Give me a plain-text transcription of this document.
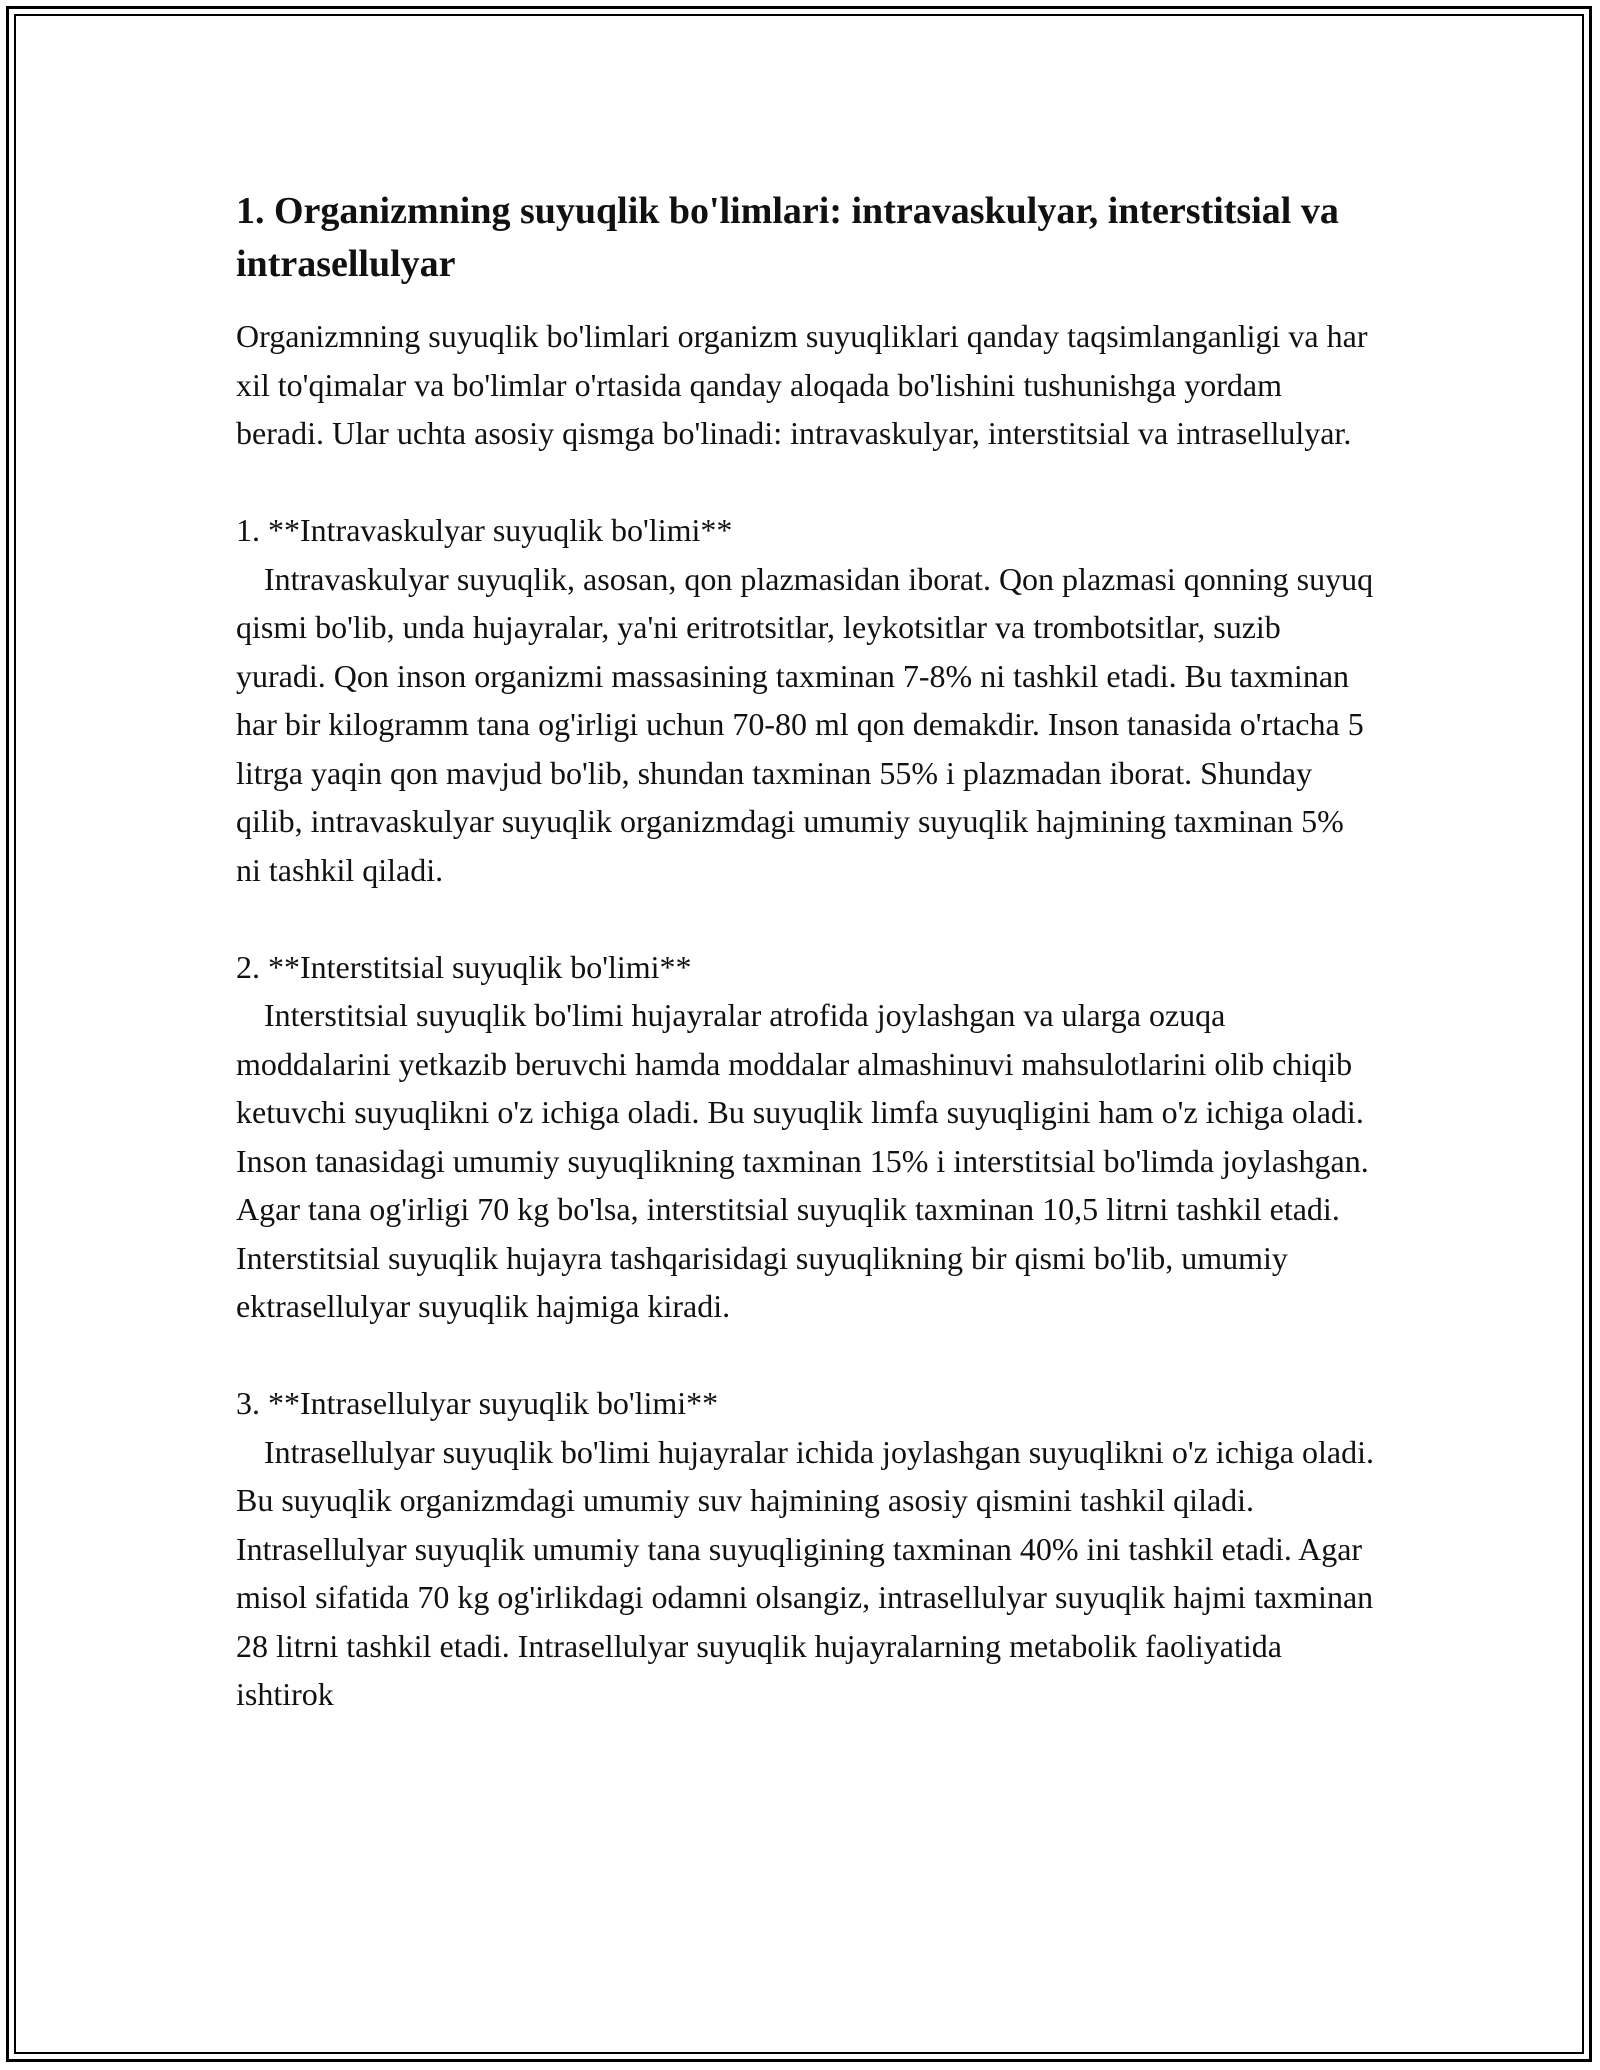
1. Organizmning suyuqlik bo'limlari: intravaskulyar, interstitsial va intrasellulyar

Organizmning suyuqlik bo'limlari organizm suyuqliklari qanday taqsimlanganligi va har xil to'qimalar va bo'limlar o'rtasida qanday aloqada bo'lishini tushunishga yordam beradi. Ular uchta asosiy qismga bo'linadi: intravaskulyar, interstitsial va intrasellulyar.

1. **Intravaskulyar suyuqlik bo'limi**

Intravaskulyar suyuqlik, asosan, qon plazmasidan iborat. Qon plazmasi qonning suyuq qismi bo'lib, unda hujayralar, ya'ni eritrotsitlar, leykotsitlar va trombotsitlar, suzib yuradi. Qon inson organizmi massasining taxminan 7-8% ni tashkil etadi. Bu taxminan har bir kilogramm tana og'irligi uchun 70-80 ml qon demakdir. Inson tanasida o'rtacha 5 litrga yaqin qon mavjud bo'lib, shundan taxminan 55% i plazmadan iborat. Shunday qilib, intravaskulyar suyuqlik organizmdagi umumiy suyuqlik hajmining taxminan 5% ni tashkil qiladi.

2. **Interstitsial suyuqlik bo'limi**

Interstitsial suyuqlik bo'limi hujayralar atrofida joylashgan va ularga ozuqa moddalarini yetkazib beruvchi hamda moddalar almashinuvi mahsulotlarini olib chiqib ketuvchi suyuqlikni o'z ichiga oladi. Bu suyuqlik limfa suyuqligini ham o'z ichiga oladi. Inson tanasidagi umumiy suyuqlikning taxminan 15% i interstitsial bo'limda joylashgan. Agar tana og'irligi 70 kg bo'lsa, interstitsial suyuqlik taxminan 10,5 litrni tashkil etadi. Interstitsial suyuqlik hujayra tashqarisidagi suyuqlikning bir qismi bo'lib, umumiy ektrasellulyar suyuqlik hajmiga kiradi.

3. **Intrasellulyar suyuqlik bo'limi**

Intrasellulyar suyuqlik bo'limi hujayralar ichida joylashgan suyuqlikni o'z ichiga oladi. Bu suyuqlik organizmdagi umumiy suv hajmining asosiy qismini tashkil qiladi. Intrasellulyar suyuqlik umumiy tana suyuqligining taxminan 40% ini tashkil etadi. Agar misol sifatida 70 kg og'irlikdagi odamni olsangiz, intrasellulyar suyuqlik hajmi taxminan 28 litrni tashkil etadi. Intrasellulyar suyuqlik hujayralarning metabolik faoliyatida ishtirok
